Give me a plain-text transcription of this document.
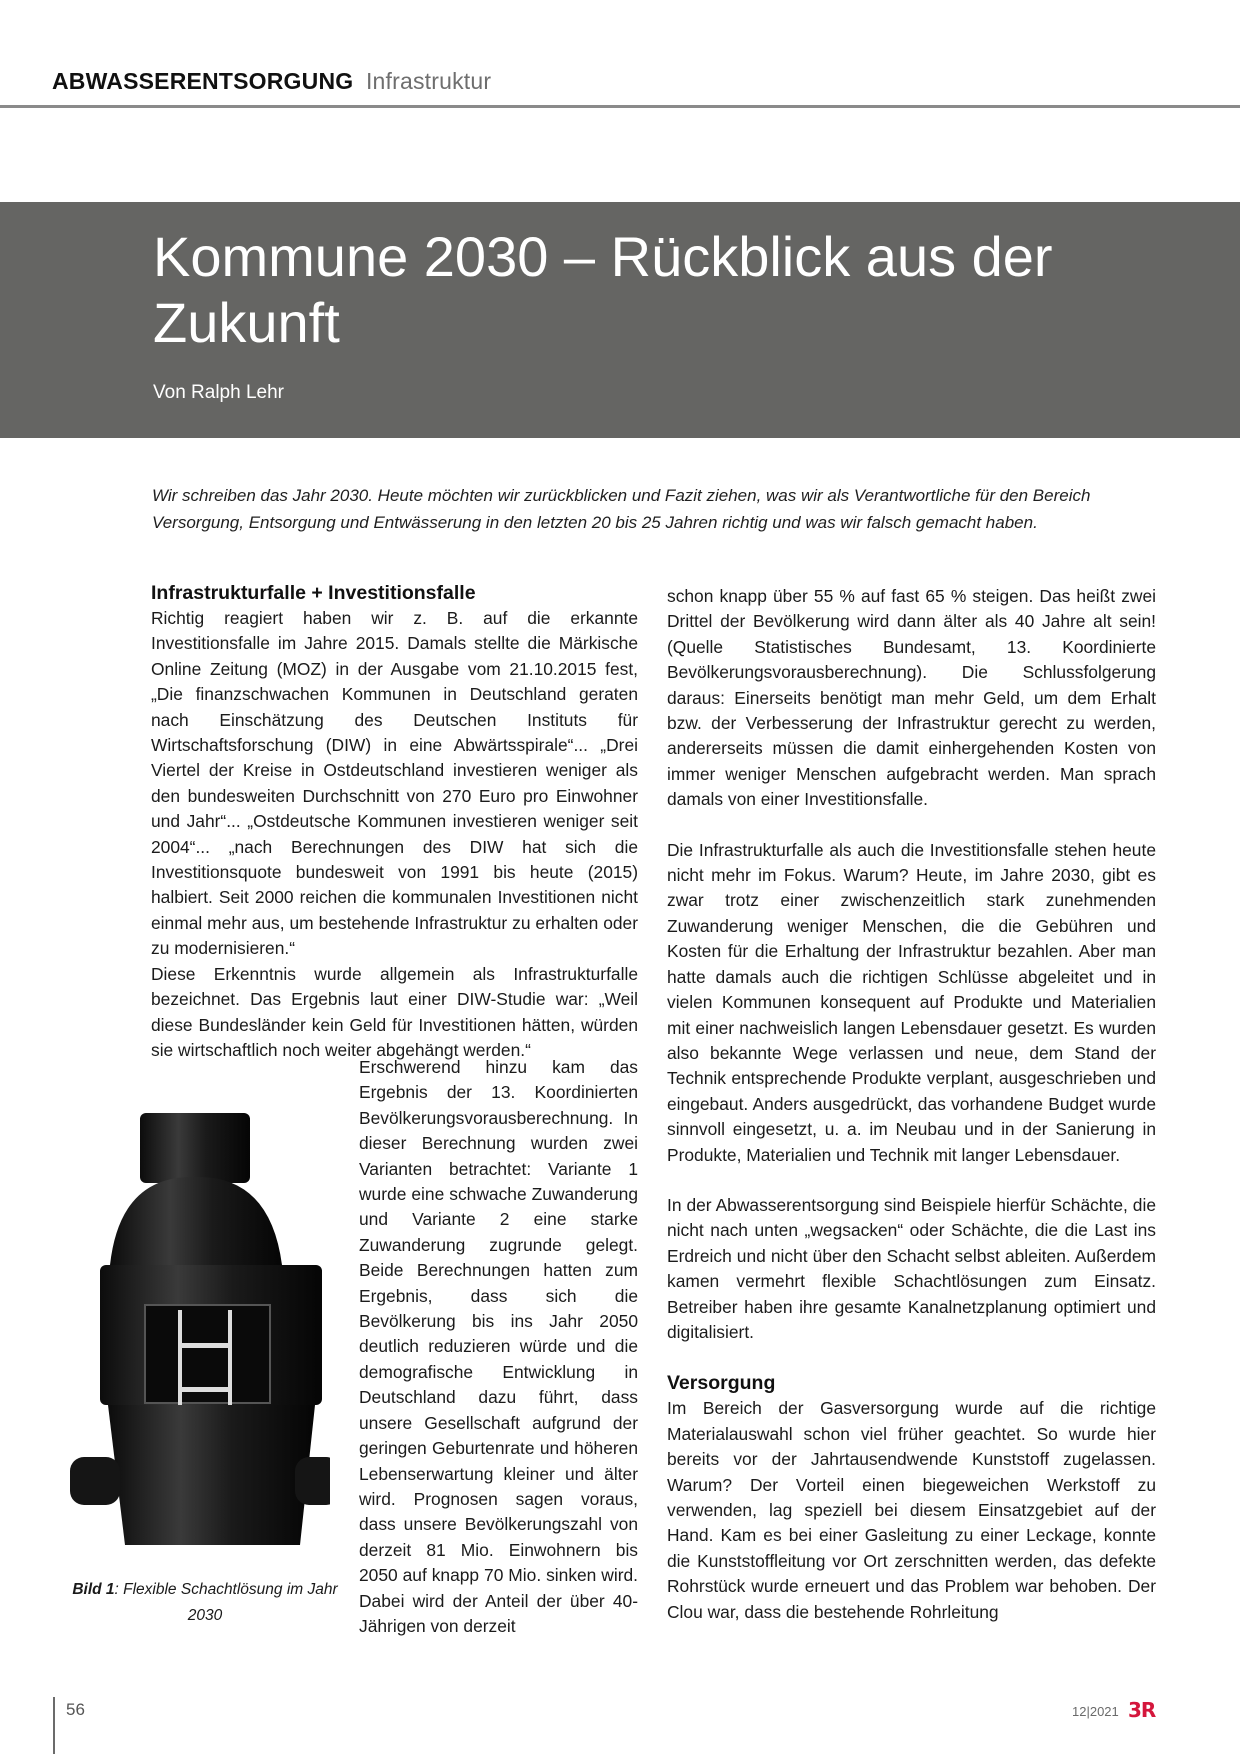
ABWASSERENTSORGUNG Infrastruktur
Kommune 2030 – Rückblick aus der Zukunft
Von Ralph Lehr
Wir schreiben das Jahr 2030. Heute möchten wir zurückblicken und Fazit ziehen, was wir als Verantwortliche für den Bereich Versorgung, Entsorgung und Entwässerung in den letzten 20 bis 25 Jahren richtig und was wir falsch gemacht haben.
Infrastrukturfalle + Investitionsfalle

Richtig reagiert haben wir z. B. auf die erkannte Investitionsfalle im Jahre 2015. Damals stellte die Märkische Online Zeitung (MOZ) in der Ausgabe vom 21.10.2015 fest, „Die finanzschwachen Kommunen in Deutschland geraten nach Einschätzung des Deutschen Instituts für Wirtschaftsforschung (DIW) in eine Abwärtsspirale“... „Drei Viertel der Kreise in Ostdeutschland investieren weniger als den bundesweiten Durchschnitt von 270 Euro pro Einwohner und Jahr“... „Ostdeutsche Kommunen investieren weniger seit 2004“... „nach Berechnungen des DIW hat sich die Investitionsquote bundesweit von 1991 bis heute (2015) halbiert. Seit 2000 reichen die kommunalen Investitionen nicht einmal mehr aus, um bestehende Infrastruktur zu erhalten oder zu modernisieren.“

Diese Erkenntnis wurde allgemein als Infrastrukturfalle bezeichnet. Das Ergebnis laut einer DIW-Studie war: „Weil diese Bundesländer kein Geld für Investitionen hätten, würden sie wirtschaftlich noch weiter abgehängt werden.“

Bild 1: Flexible Schachtlösung im Jahr 2030

Erschwerend hinzu kam das Ergebnis der 13. Koordinierten Bevölkerungsvorausberechnung. In dieser Berechnung wurden zwei Varianten betrachtet: Variante 1 wurde eine schwache Zuwanderung und Variante 2 eine starke Zuwanderung zugrunde gelegt. Beide Berechnungen hatten zum Ergebnis, dass sich die Bevölkerung bis ins Jahr 2050 deutlich reduzieren würde und die demografische Entwicklung in Deutschland dazu führt, dass unsere Gesellschaft aufgrund der geringen Geburtenrate und höheren Lebenserwartung kleiner und älter wird. Prognosen sagen voraus, dass unsere Bevölkerungszahl von derzeit 81 Mio. Einwohnern bis 2050 auf knapp 70 Mio. sinken wird. Dabei wird der Anteil der über 40-Jährigen von derzeit

schon knapp über 55 % auf fast 65 % steigen. Das heißt zwei Drittel der Bevölkerung wird dann älter als 40 Jahre alt sein! (Quelle Statistisches Bundesamt, 13. Koordinierte Bevölkerungsvorausberechnung). Die Schlussfolgerung daraus: Einerseits benötigt man mehr Geld, um dem Erhalt bzw. der Verbesserung der Infrastruktur gerecht zu werden, andererseits müssen die damit einhergehenden Kosten von immer weniger Menschen aufgebracht werden. Man sprach damals von einer Investitionsfalle.

Die Infrastrukturfalle als auch die Investitionsfalle stehen heute nicht mehr im Fokus. Warum? Heute, im Jahre 2030, gibt es zwar trotz einer zwischenzeitlich stark zunehmenden Zuwanderung weniger Menschen, die die Gebühren und Kosten für die Erhaltung der Infrastruktur bezahlen. Aber man hatte damals auch die richtigen Schlüsse abgeleitet und in vielen Kommunen konsequent auf Produkte und Materialien mit einer nachweislich langen Lebensdauer gesetzt. Es wurden also bekannte Wege verlassen und neue, dem Stand der Technik entsprechende Produkte verplant, ausgeschrieben und eingebaut. Anders ausgedrückt, das vorhandene Budget wurde sinnvoll eingesetzt, u. a. im Neubau und in der Sanierung in Produkte, Materialien und Technik mit langer Lebensdauer.

In der Abwasserentsorgung sind Beispiele hierfür Schächte, die nicht nach unten „wegsacken“ oder Schächte, die die Last ins Erdreich und nicht über den Schacht selbst ableiten. Außerdem kamen vermehrt flexible Schachtlösungen zum Einsatz. Betreiber haben ihre gesamte Kanalnetzplanung optimiert und digitalisiert.

Versorgung

Im Bereich der Gasversorgung wurde auf die richtige Materialauswahl schon viel früher geachtet. So wurde hier bereits vor der Jahrtausendwende Kunststoff zugelassen. Warum? Der Vorteil einen biegeweichen Werkstoff zu verwenden, lag speziell bei diesem Einsatzgebiet auf der Hand. Kam es bei einer Gasleitung zu einer Leckage, konnte die Kunststoffleitung vor Ort zerschnitten werden, das defekte Rohrstück wurde erneuert und das Problem war behoben. Der Clou war, dass die bestehende Rohrleitung

56	12|2021 3R
